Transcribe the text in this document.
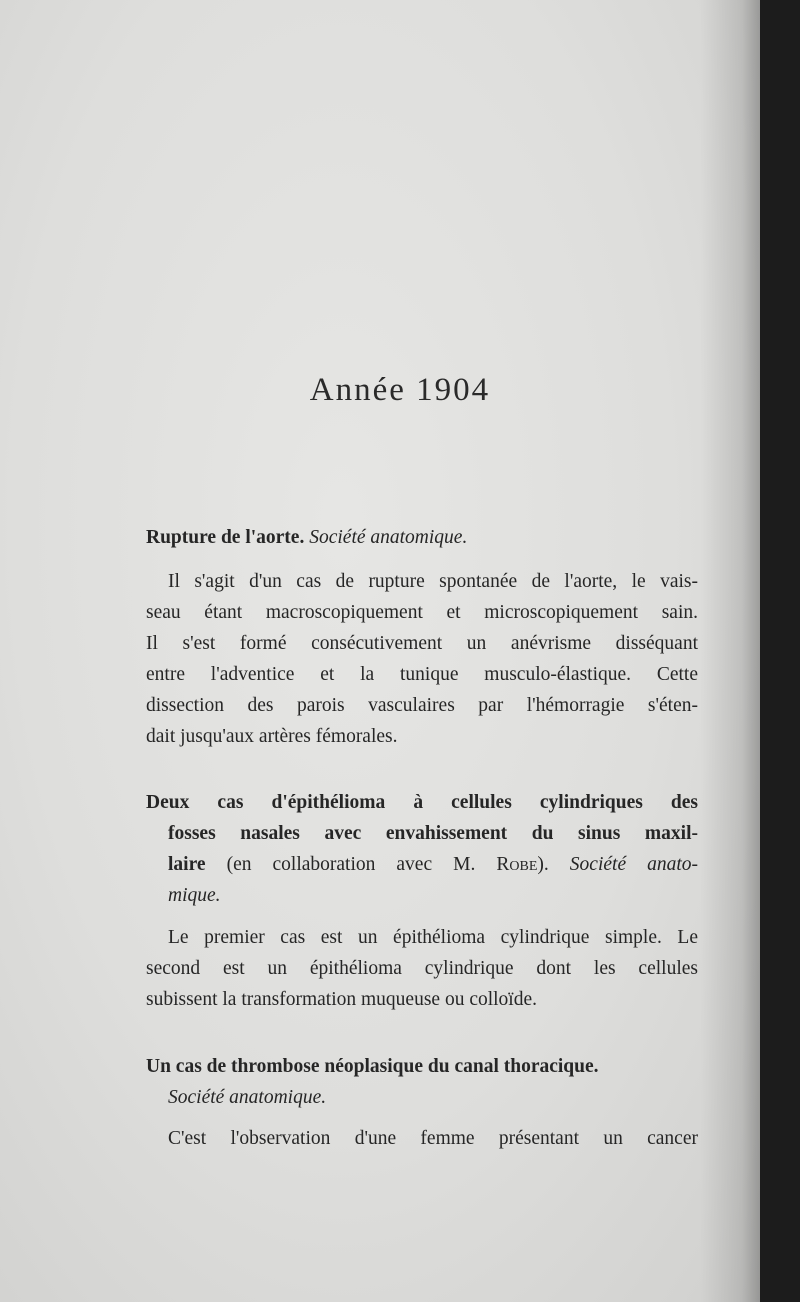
Année 1904
Rupture de l'aorte. Société anatomique.
Il s'agit d'un cas de rupture spontanée de l'aorte, le vais-
seau étant macroscopiquement et microscopiquement sain.
Il s'est formé consécutivement un anévrisme disséquant
entre l'adventice et la tunique musculo-élastique. Cette
dissection des parois vasculaires par l'hémorragie s'éten-
dait jusqu'aux artères fémorales.
Deux cas d'épithélioma à cellules cylindriques des
fosses nasales avec envahissement du sinus maxil-
laire (en collaboration avec M. Robe). Société anato-
mique.
Le premier cas est un épithélioma cylindrique simple. Le
second est un épithélioma cylindrique dont les cellules
subissent la transformation muqueuse ou colloïde.
Un cas de thrombose néoplasique du canal thoracique.
Société anatomique.
C'est l'observation d'une femme présentant un cancer
